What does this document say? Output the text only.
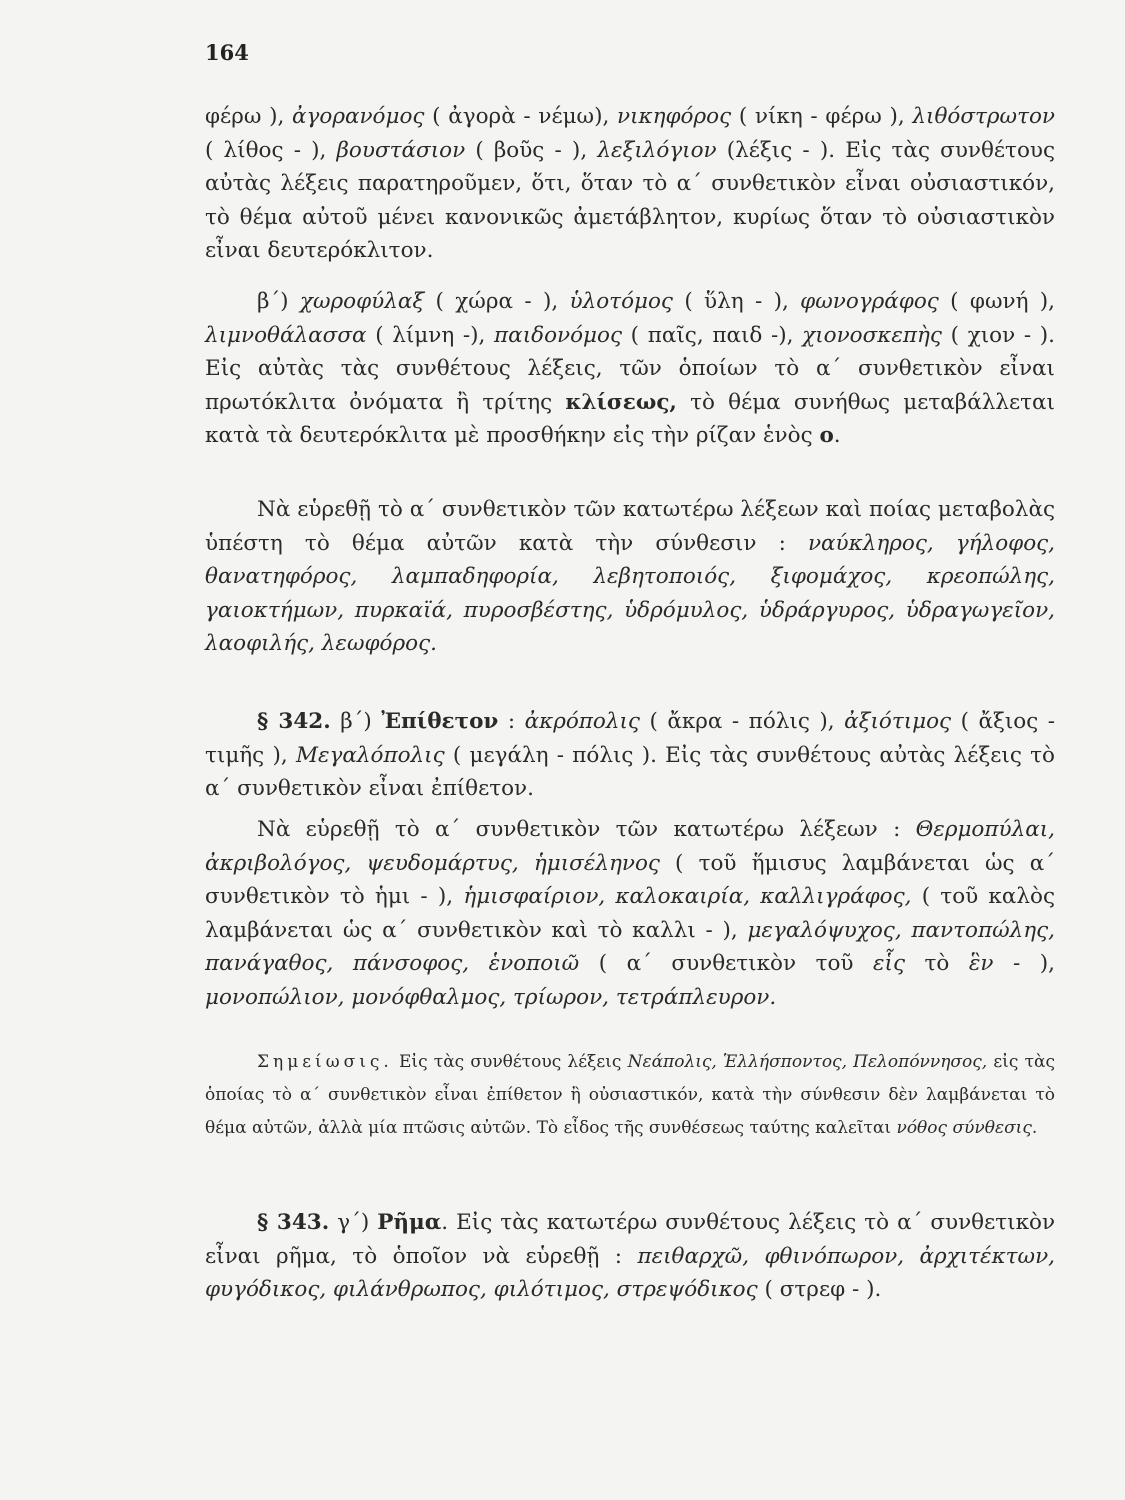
164

φέρω ), ἀγορανόμος ( ἀγορὰ - νέμω), νικηφόρος ( νίκη - φέρω ), λιθόστρωτον ( λίθος - ), βουστάσιον ( βοῦς - ), λεξιλόγιον (λέξις - ). Εἰς τὰς συνθέτους αὐτὰς λέξεις παρατηροῦμεν, ὅτι, ὅταν τὸ α΄ συνθετικὸν εἶναι οὐσιαστικόν, τὸ θέμα αὐτοῦ μένει κανονικῶς ἀμετάβλητον, κυρίως ὅταν τὸ οὐσιαστικὸν εἶναι δευτερόκλιτον.

β΄) χωροφύλαξ ( χώρα - ), ὑλοτόμος ( ὕλη - ), φωνογράφος ( φωνή ), λιμνοθάλασσα ( λίμνη -), παιδονόμος ( παῖς, παιδ -), χιονοσκεπὴς ( χιον - ). Εἰς αὐτὰς τὰς συνθέτους λέξεις, τῶν ὁποίων τὸ α΄ συνθετικὸν εἶναι πρωτόκλιτα ὀνόματα ἢ τρίτης κλίσεως, τὸ θέμα συνήθως μεταβάλλεται κατὰ τὰ δευτερόκλιτα μὲ προσθήκην εἰς τὴν ρίζαν ἑνὸς ο.

Νὰ εὑρεθῇ τὸ α΄ συνθετικὸν τῶν κατωτέρω λέξεων καὶ ποίας μεταβολὰς ὑπέστη τὸ θέμα αὐτῶν κατὰ τὴν σύνθεσιν : ναύκληρος, γήλοφος, θανατηφόρος, λαμπαδηφορία, λεβητοποιός, ξιφομάχος, κρεοπώλης, γαιοκτήμων, πυρκαϊά, πυροσβέστης, ὑδρόμυλος, ὑδράργυρος, ὑδραγωγεῖον, λαοφιλής, λεωφόρος.

§ 342. β΄) Ἐπίθετον : ἀκρόπολις ( ἄκρα - πόλις ), ἀξιότιμος ( ἄξιος - τιμῆς ), Μεγαλόπολις ( μεγάλη - πόλις ). Εἰς τὰς συνθέτους αὐτὰς λέξεις τὸ α΄ συνθετικὸν εἶναι ἐπίθετον.

Νὰ εὑρεθῇ τὸ α΄ συνθετικὸν τῶν κατωτέρω λέξεων : Θερμοπύλαι, ἀκριβολόγος, ψευδομάρτυς, ἡμισέληνος ( τοῦ ἥμισυς λαμβάνεται ὡς α΄ συνθετικὸν τὸ ἡμι - ), ἡμισφαίριον, καλοκαιρία, καλλιγράφος, ( τοῦ καλὸς λαμβάνεται ὡς α΄ συνθετικὸν καὶ τὸ καλλι - ), μεγαλόψυχος, παντοπώλης, πανάγαθος, πάνσοφος, ἑνοποιῶ ( α΄ συνθετικὸν τοῦ εἷς τὸ ἓν - ), μονοπώλιον, μονόφθαλμος, τρίωρον, τετράπλευρον.

Σημείωσις. Εἰς τὰς συνθέτους λέξεις Νεάπολις, Ἑλλήσποντος, Πελοπόννησος, εἰς τὰς ὁποίας τὸ α΄ συνθετικὸν εἶναι ἐπίθετον ἢ οὐσιαστικόν, κατὰ τὴν σύνθεσιν δὲν λαμβάνεται τὸ θέμα αὐτῶν, ἀλλὰ μία πτῶσις αὐτῶν. Τὸ εἶδος τῆς συνθέσεως ταύτης καλεῖται νόθος σύνθεσις.

§ 343. γ΄) Ρῆμα. Εἰς τὰς κατωτέρω συνθέτους λέξεις τὸ α΄ συνθετικὸν εἶναι ρῆμα, τὸ ὁποῖον νὰ εὑρεθῇ : πειθαρχῶ, φθινόπωρον, ἀρχιτέκτων, φυγόδικος, φιλάνθρωπος, φιλότιμος, στρεψόδικος ( στρεφ - ).
